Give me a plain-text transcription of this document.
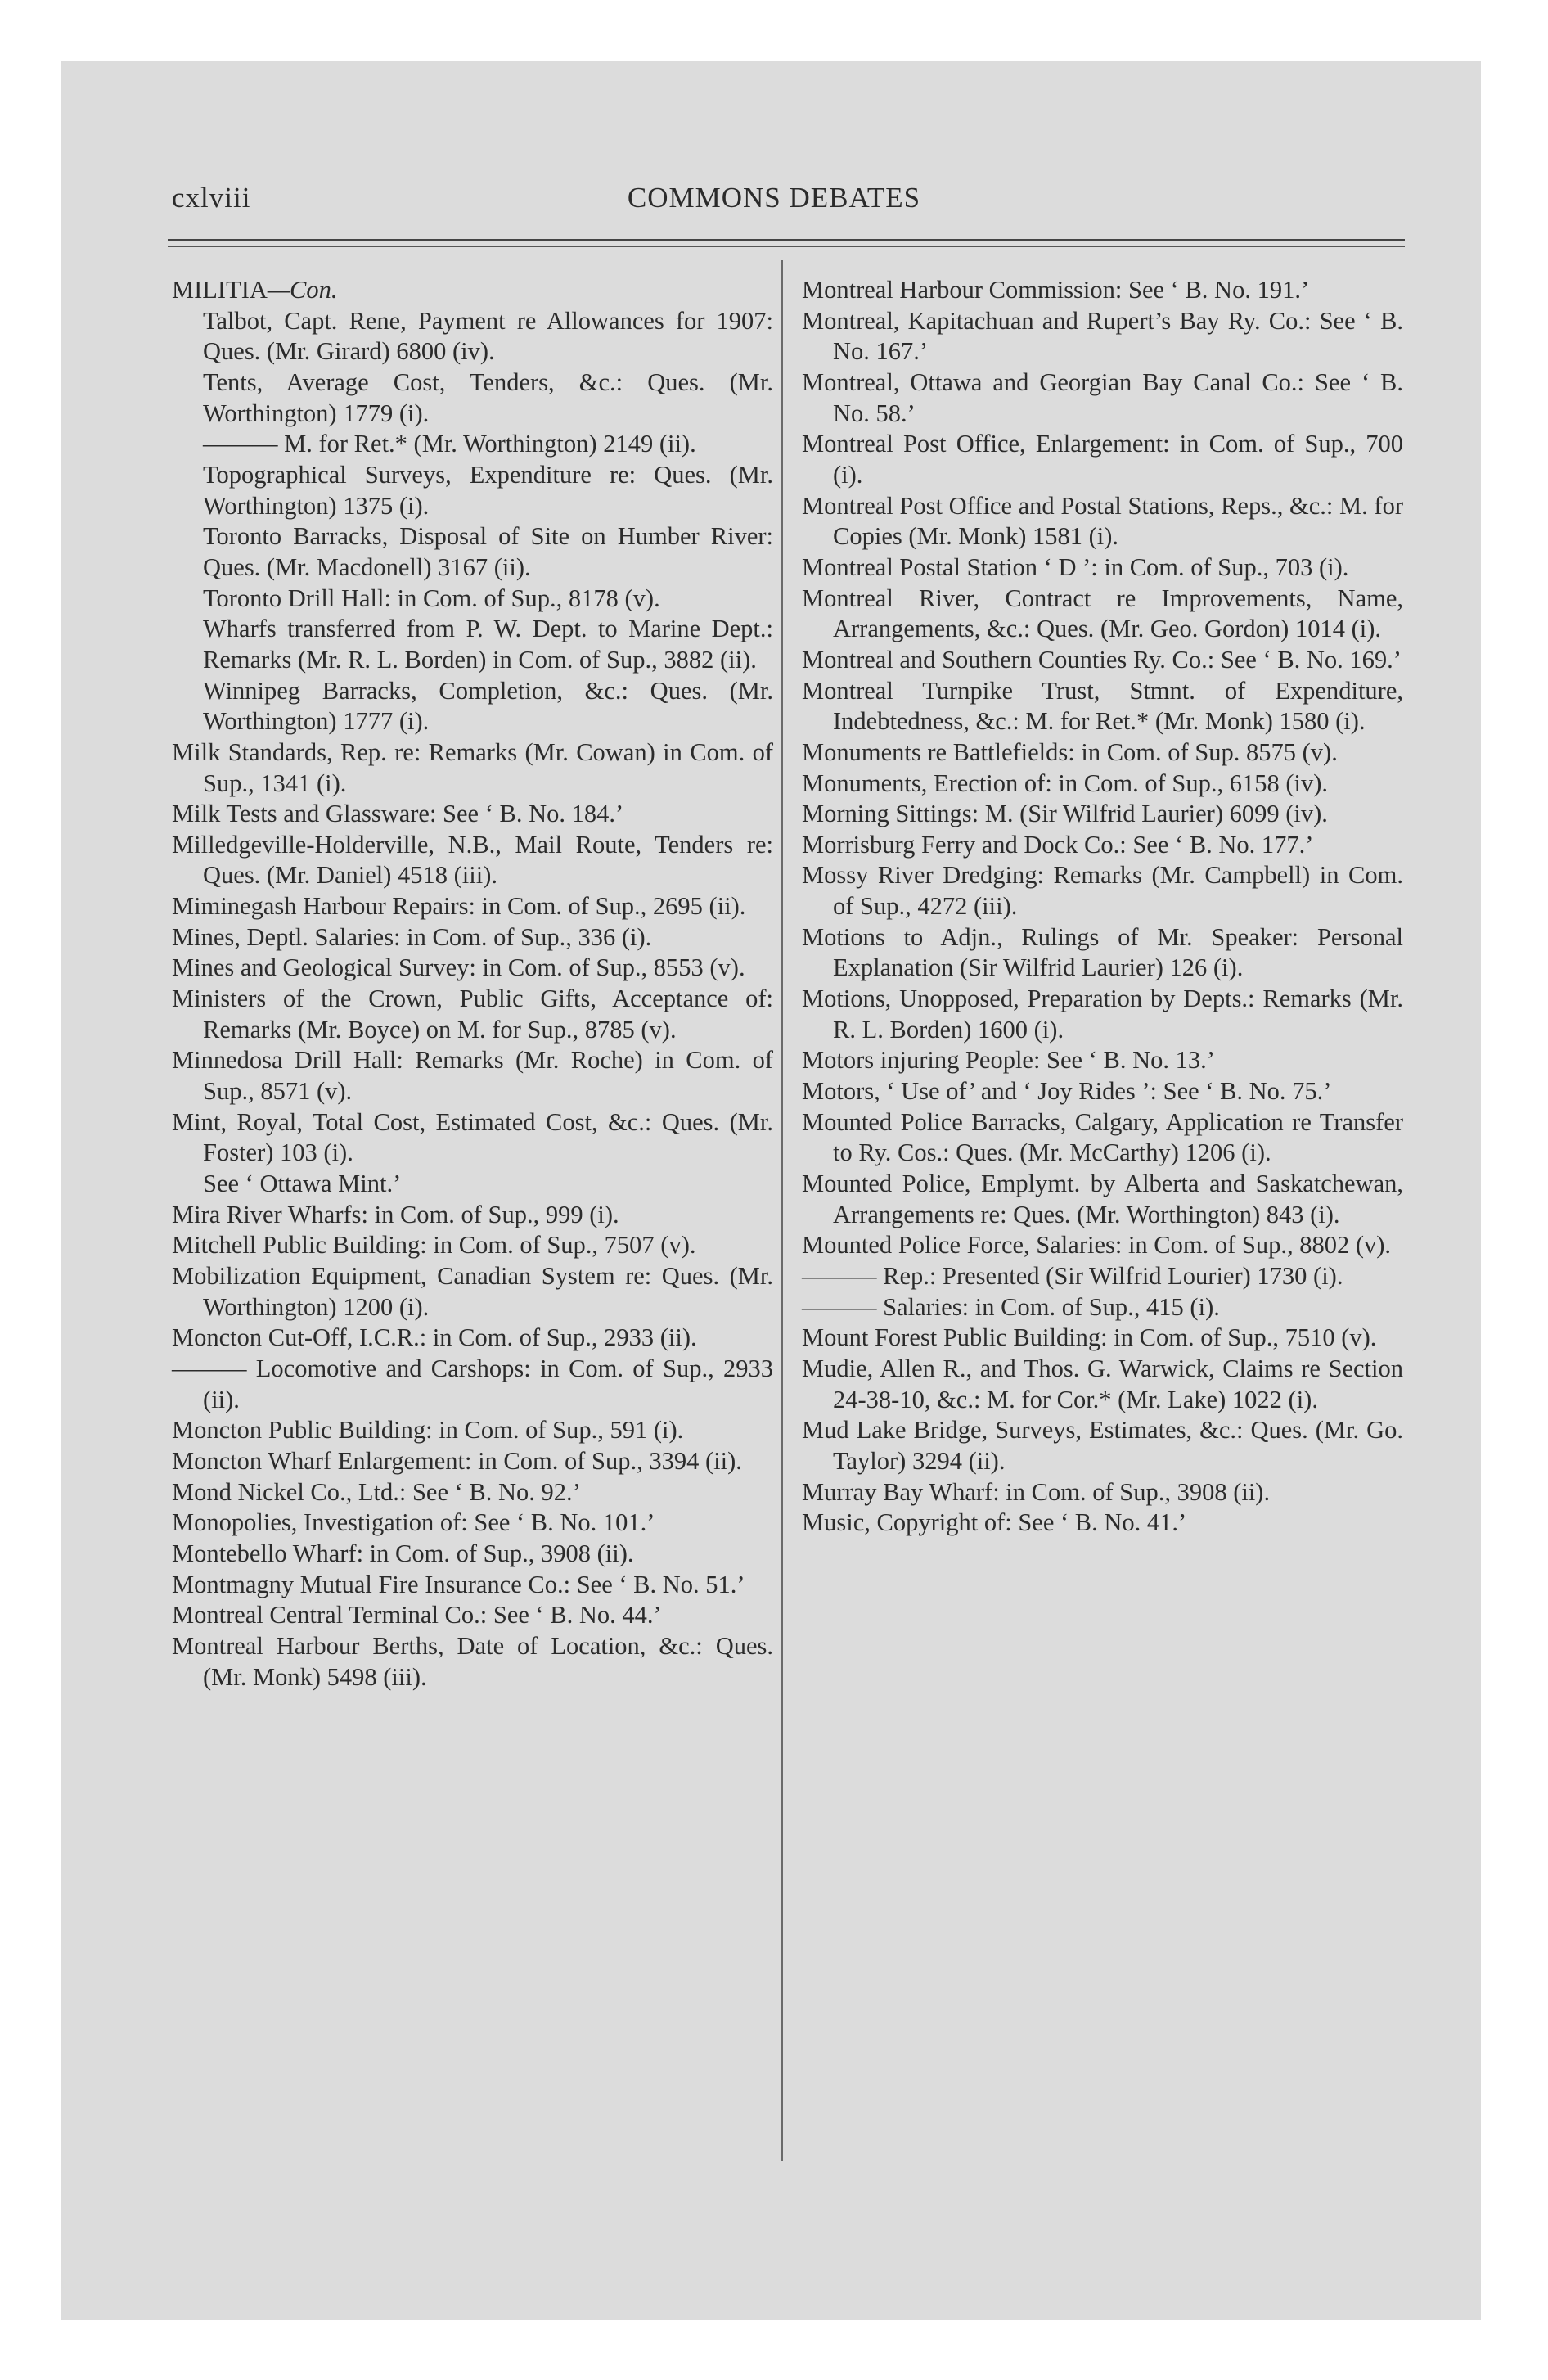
cxlviii	COMMONS DEBATES

MILITIA—Con.

Talbot, Capt. Rene, Payment re Allowances for 1907: Ques. (Mr. Girard) 6800 (iv).

Tents, Average Cost, Tenders, &c.: Ques. (Mr. Worthington) 1779 (i).

——— M. for Ret.* (Mr. Worthington) 2149 (ii).

Topographical Surveys, Expenditure re: Ques. (Mr. Worthington) 1375 (i).

Toronto Barracks, Disposal of Site on Humber River: Ques. (Mr. Macdonell) 3167 (ii).

Toronto Drill Hall: in Com. of Sup., 8178 (v).

Wharfs transferred from P. W. Dept. to Marine Dept.: Remarks (Mr. R. L. Borden) in Com. of Sup., 3882 (ii).

Winnipeg Barracks, Completion, &c.: Ques. (Mr. Worthington) 1777 (i).

Milk Standards, Rep. re: Remarks (Mr. Cowan) in Com. of Sup., 1341 (i).

Milk Tests and Glassware: See ‘ B. No. 184.’

Milledgeville-Holderville, N.B., Mail Route, Tenders re: Ques. (Mr. Daniel) 4518 (iii).

Miminegash Harbour Repairs: in Com. of Sup., 2695 (ii).

Mines, Deptl. Salaries: in Com. of Sup., 336 (i).

Mines and Geological Survey: in Com. of Sup., 8553 (v).

Ministers of the Crown, Public Gifts, Acceptance of: Remarks (Mr. Boyce) on M. for Sup., 8785 (v).

Minnedosa Drill Hall: Remarks (Mr. Roche) in Com. of Sup., 8571 (v).

Mint, Royal, Total Cost, Estimated Cost, &c.: Ques. (Mr. Foster) 103 (i).

See ‘ Ottawa Mint.’

Mira River Wharfs: in Com. of Sup., 999 (i).

Mitchell Public Building: in Com. of Sup., 7507 (v).

Mobilization Equipment, Canadian System re: Ques. (Mr. Worthington) 1200 (i).

Moncton Cut-Off, I.C.R.: in Com. of Sup., 2933 (ii).

——— Locomotive and Carshops: in Com. of Sup., 2933 (ii).

Moncton Public Building: in Com. of Sup., 591 (i).

Moncton Wharf Enlargement: in Com. of Sup., 3394 (ii).

Mond Nickel Co., Ltd.: See ‘ B. No. 92.’

Monopolies, Investigation of: See ‘ B. No. 101.’

Montebello Wharf: in Com. of Sup., 3908 (ii).

Montmagny Mutual Fire Insurance Co.: See ‘ B. No. 51.’

Montreal Central Terminal Co.: See ‘ B. No. 44.’

Montreal Harbour Berths, Date of Location, &c.: Ques. (Mr. Monk) 5498 (iii).

Montreal Harbour Commission: See ‘ B. No. 191.’

Montreal, Kapitachuan and Rupert’s Bay Ry. Co.: See ‘ B. No. 167.’

Montreal, Ottawa and Georgian Bay Canal Co.: See ‘ B. No. 58.’

Montreal Post Office, Enlargement: in Com. of Sup., 700 (i).

Montreal Post Office and Postal Stations, Reps., &c.: M. for Copies (Mr. Monk) 1581 (i).

Montreal Postal Station ‘ D ’: in Com. of Sup., 703 (i).

Montreal River, Contract re Improvements, Name, Arrangements, &c.: Ques. (Mr. Geo. Gordon) 1014 (i).

Montreal and Southern Counties Ry. Co.: See ‘ B. No. 169.’

Montreal Turnpike Trust, Stmnt. of Expenditure, Indebtedness, &c.: M. for Ret.* (Mr. Monk) 1580 (i).

Monuments re Battlefields: in Com. of Sup. 8575 (v).

Monuments, Erection of: in Com. of Sup., 6158 (iv).

Morning Sittings: M. (Sir Wilfrid Laurier) 6099 (iv).

Morrisburg Ferry and Dock Co.: See ‘ B. No. 177.’

Mossy River Dredging: Remarks (Mr. Campbell) in Com. of Sup., 4272 (iii).

Motions to Adjn., Rulings of Mr. Speaker: Personal Explanation (Sir Wilfrid Laurier) 126 (i).

Motions, Unopposed, Preparation by Depts.: Remarks (Mr. R. L. Borden) 1600 (i).

Motors injuring People: See ‘ B. No. 13.’

Motors, ‘ Use of’ and ‘ Joy Rides ’: See ‘ B. No. 75.’

Mounted Police Barracks, Calgary, Application re Transfer to Ry. Cos.: Ques. (Mr. McCarthy) 1206 (i).

Mounted Police, Emplymt. by Alberta and Saskatchewan, Arrangements re: Ques. (Mr. Worthington) 843 (i).

Mounted Police Force, Salaries: in Com. of Sup., 8802 (v).

——— Rep.: Presented (Sir Wilfrid Lourier) 1730 (i).

——— Salaries: in Com. of Sup., 415 (i).

Mount Forest Public Building: in Com. of Sup., 7510 (v).

Mudie, Allen R., and Thos. G. Warwick, Claims re Section 24-38-10, &c.: M. for Cor.* (Mr. Lake) 1022 (i).

Mud Lake Bridge, Surveys, Estimates, &c.: Ques. (Mr. Go. Taylor) 3294 (ii).

Murray Bay Wharf: in Com. of Sup., 3908 (ii).

Music, Copyright of: See ‘ B. No. 41.’
